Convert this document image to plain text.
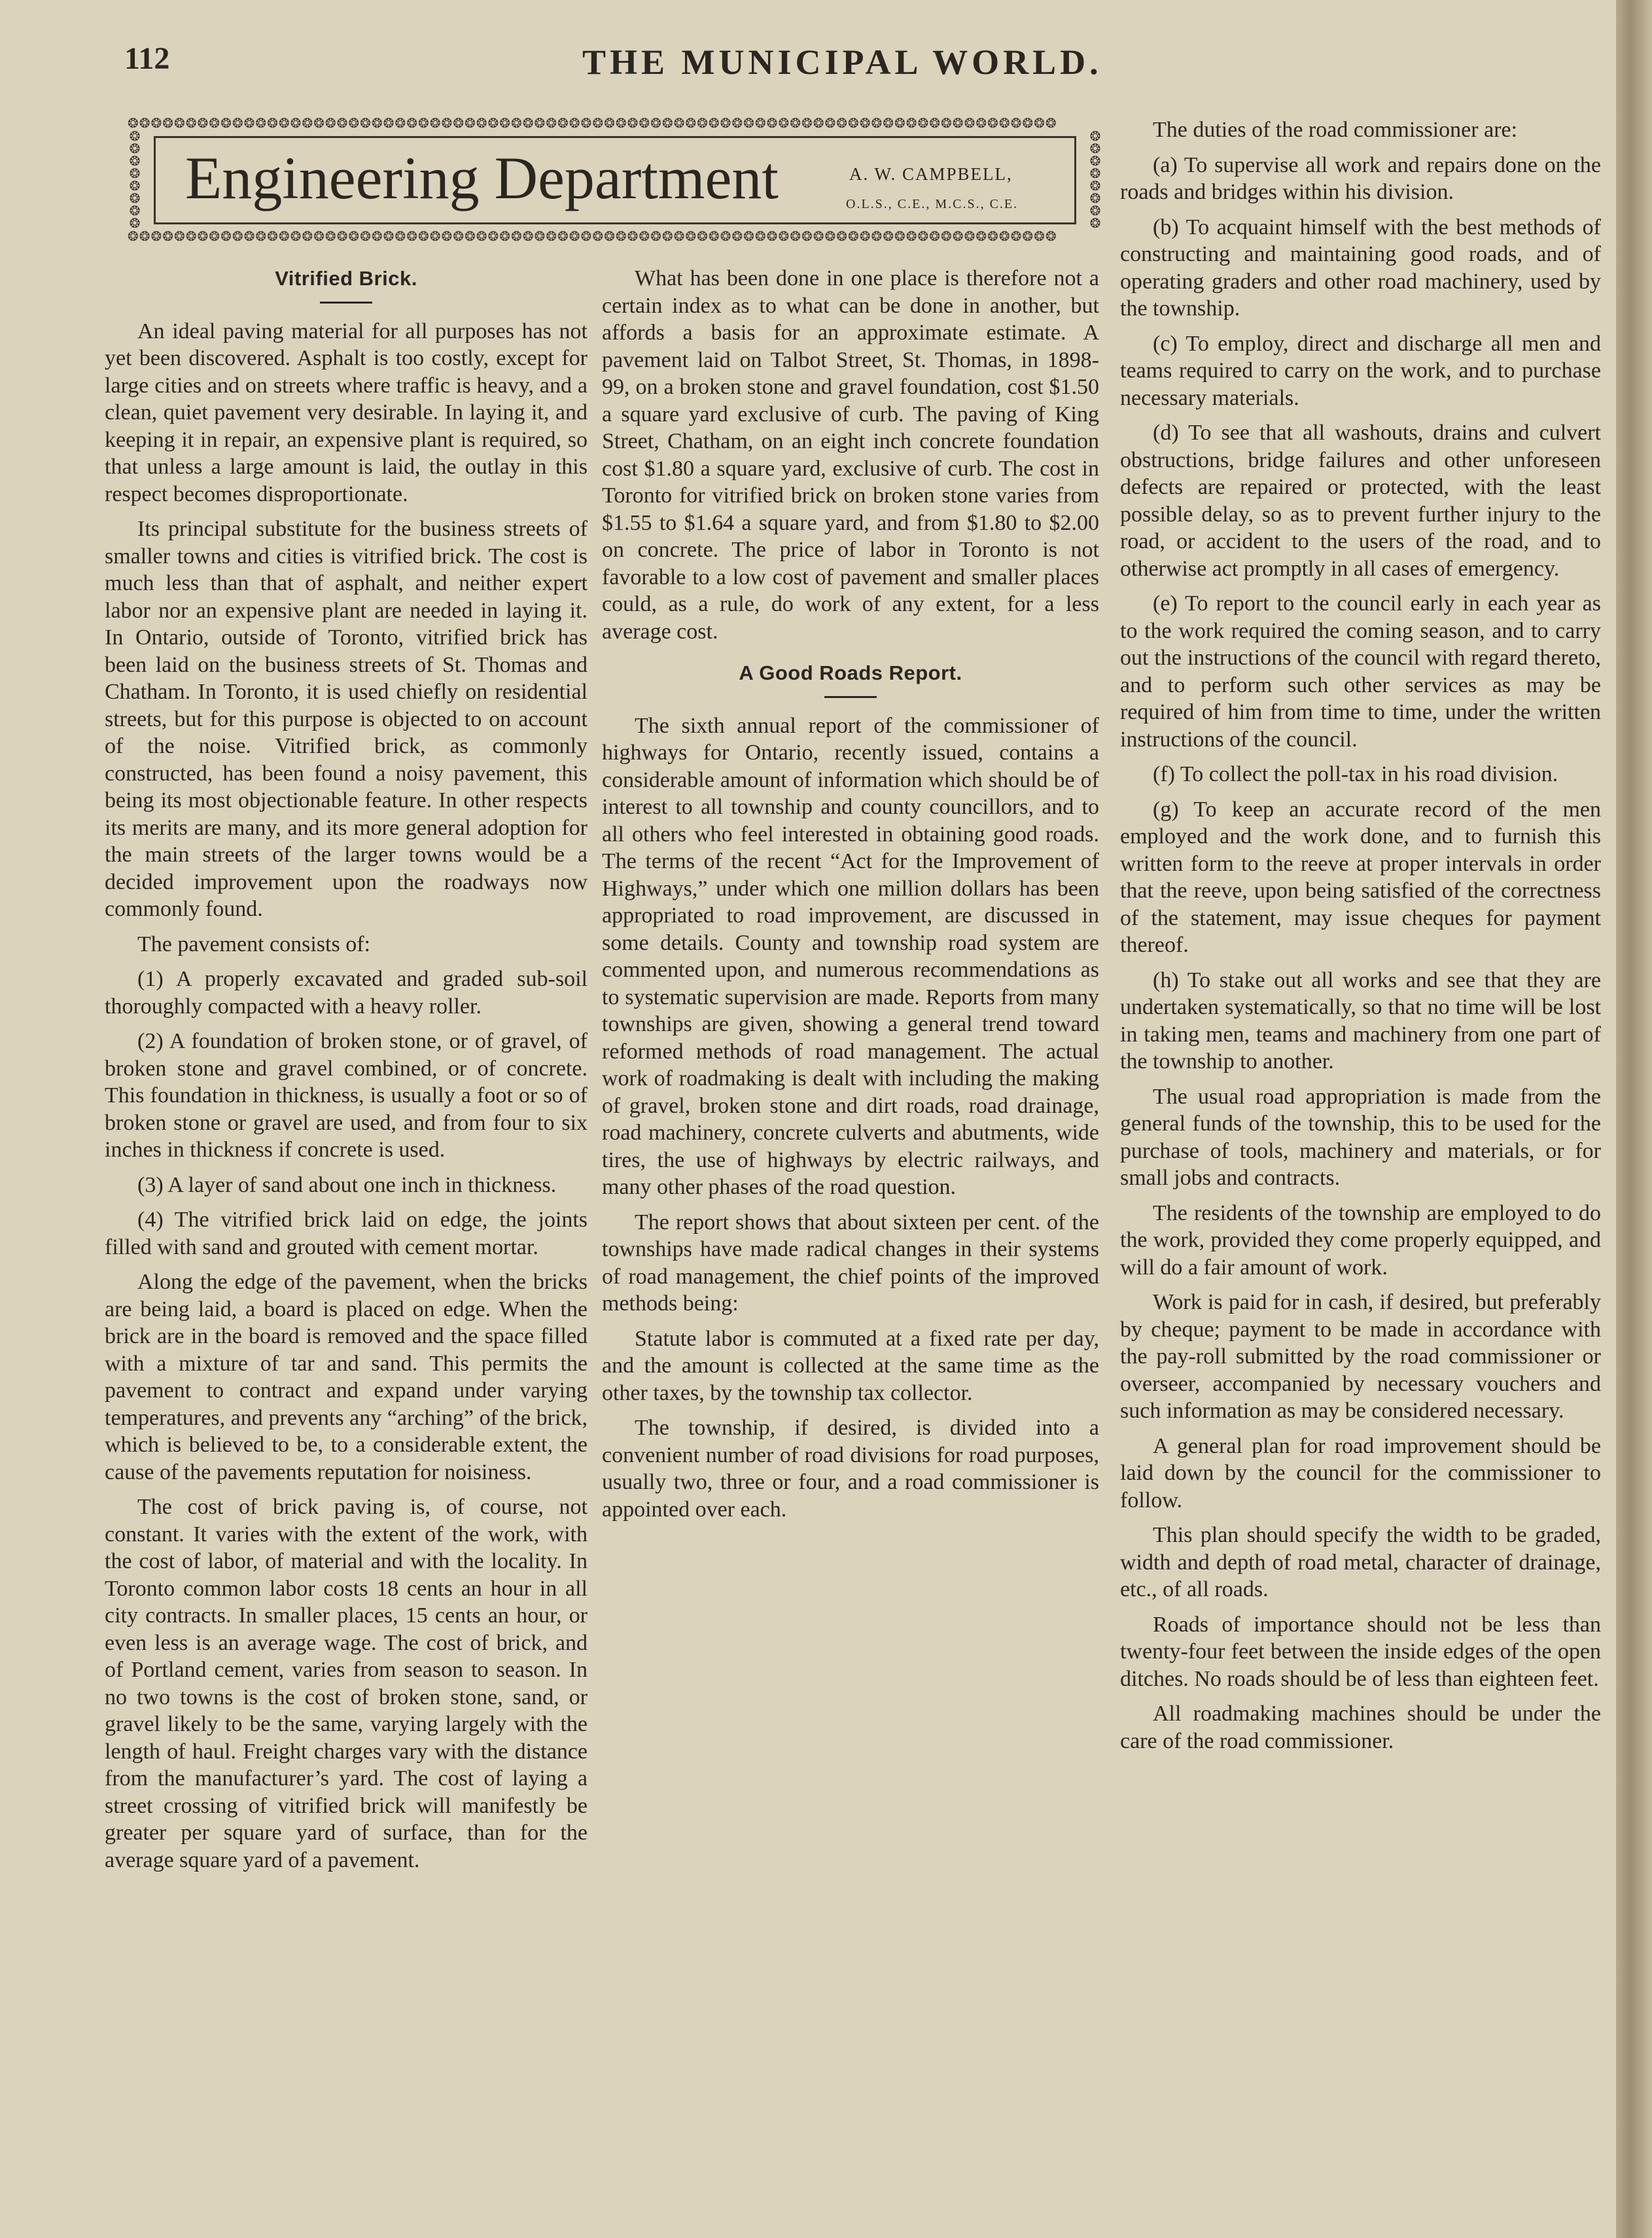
112	THE MUNICIPAL WORLD.
❂❂❂❂❂❂❂❂❂❂❂❂❂❂❂❂❂❂❂❂❂❂❂❂❂❂❂❂❂❂❂❂❂❂❂❂❂❂❂❂❂❂❂❂❂❂❂❂❂❂❂❂❂❂❂❂❂❂❂❂❂❂❂❂❂❂❂❂❂❂❂❂❂❂❂❂❂❂❂❂
❂❂❂❂❂❂❂❂
❂❂❂❂❂❂❂❂
❂❂❂❂❂❂❂❂❂❂❂❂❂❂❂❂❂❂❂❂❂❂❂❂❂❂❂❂❂❂❂❂❂❂❂❂❂❂❂❂❂❂❂❂❂❂❂❂❂❂❂❂❂❂❂❂❂❂❂❂❂❂❂❂❂❂❂❂❂❂❂❂❂❂❂❂❂❂❂❂
Engineering Department	A. W. CAMPBELL,
O.L.S., C.E., M.C.S., C.E.
Vitrified Brick.

An ideal paving material for all purposes has not yet been discovered. Asphalt is too costly, except for large cities and on streets where traffic is heavy, and a clean, quiet pavement very desirable. In laying it, and keeping it in repair, an expensive plant is required, so that unless a large amount is laid, the outlay in this respect becomes disproportionate.

Its principal substitute for the business streets of smaller towns and cities is vitrified brick. The cost is much less than that of asphalt, and neither expert labor nor an expensive plant are needed in laying it. In Ontario, outside of Toronto, vitrified brick has been laid on the business streets of St. Thomas and Chatham. In Toronto, it is used chiefly on residential streets, but for this purpose is objected to on account of the noise. Vitrified brick, as commonly constructed, has been found a noisy pavement, this being its most objectionable feature. In other respects its merits are many, and its more general adoption for the main streets of the larger towns would be a decided improvement upon the roadways now commonly found.

The pavement consists of:

(1) A properly excavated and graded sub-soil thoroughly compacted with a heavy roller.

(2) A foundation of broken stone, or of gravel, of broken stone and gravel combined, or of concrete. This foundation in thickness, is usually a foot or so of broken stone or gravel are used, and from four to six inches in thickness if concrete is used.

(3) A layer of sand about one inch in thickness.

(4) The vitrified brick laid on edge, the joints filled with sand and grouted with cement mortar.

Along the edge of the pavement, when the bricks are being laid, a board is placed on edge. When the brick are in the board is removed and the space filled with a mixture of tar and sand. This permits the pavement to contract and expand under varying temperatures, and prevents any “arching” of the brick, which is believed to be, to a considerable extent, the cause of the pavements reputation for noisiness.

The cost of brick paving is, of course, not constant. It varies with the extent of the work, with the cost of labor, of material and with the locality. In Toronto common labor costs 18 cents an hour in all city contracts. In smaller places, 15 cents an hour, or even less is an average wage. The cost of brick, and of Portland cement, varies from season to season. In no two towns is the cost of broken stone, sand, or gravel likely to be the same, varying largely with the length of haul. Freight charges vary with the distance from the manufacturer’s yard. The cost of laying a street crossing of vitrified brick will manifestly be greater per square yard of surface, than for the average square yard of a pavement.

What has been done in one place is therefore not a certain index as to what can be done in another, but affords a basis for an approximate estimate. A pavement laid on Talbot Street, St. Thomas, in 1898-99, on a broken stone and gravel foundation, cost $1.50 a square yard exclusive of curb. The paving of King Street, Chatham, on an eight inch concrete foundation cost $1.80 a square yard, exclusive of curb. The cost in Toronto for vitrified brick on broken stone varies from $1.55 to $1.64 a square yard, and from $1.80 to $2.00 on concrete. The price of labor in Toronto is not favorable to a low cost of pavement and smaller places could, as a rule, do work of any extent, for a less average cost.

A Good Roads Report.

The sixth annual report of the commissioner of highways for Ontario, recently issued, contains a considerable amount of information which should be of interest to all township and county councillors, and to all others who feel interested in obtaining good roads. The terms of the recent “Act for the Improvement of Highways,” under which one million dollars has been appropriated to road improvement, are discussed in some details. County and township road system are commented upon, and numerous recommendations as to systematic supervision are made. Reports from many townships are given, showing a general trend toward reformed methods of road management. The actual work of roadmaking is dealt with including the making of gravel, broken stone and dirt roads, road drainage, road machinery, concrete culverts and abutments, wide tires, the use of highways by electric railways, and many other phases of the road question.

The report shows that about sixteen per cent. of the townships have made radical changes in their systems of road management, the chief points of the improved methods being:

Statute labor is commuted at a fixed rate per day, and the amount is collected at the same time as the other taxes, by the township tax collector.

The township, if desired, is divided into a convenient number of road divisions for road purposes, usually two, three or four, and a road commissioner is appointed over each.

The duties of the road commissioner are:

(a) To supervise all work and repairs done on the roads and bridges within his division.

(b) To acquaint himself with the best methods of constructing and maintaining good roads, and of operating graders and other road machinery, used by the township.

(c) To employ, direct and discharge all men and teams required to carry on the work, and to purchase necessary materials.

(d) To see that all washouts, drains and culvert obstructions, bridge failures and other unforeseen defects are repaired or protected, with the least possible delay, so as to prevent further injury to the road, or accident to the users of the road, and to otherwise act promptly in all cases of emergency.

(e) To report to the council early in each year as to the work required the coming season, and to carry out the instructions of the council with regard thereto, and to perform such other services as may be required of him from time to time, under the written instructions of the council.

(f) To collect the poll-tax in his road division.

(g) To keep an accurate record of the men employed and the work done, and to furnish this written form to the reeve at proper intervals in order that the reeve, upon being satisfied of the correctness of the statement, may issue cheques for payment thereof.

(h) To stake out all works and see that they are undertaken systematically, so that no time will be lost in taking men, teams and machinery from one part of the township to another.

The usual road appropriation is made from the general funds of the township, this to be used for the purchase of tools, machinery and materials, or for small jobs and contracts.

The residents of the township are employed to do the work, provided they come properly equipped, and will do a fair amount of work.

Work is paid for in cash, if desired, but preferably by cheque; payment to be made in accordance with the pay-roll submitted by the road commissioner or overseer, accompanied by necessary vouchers and such information as may be considered necessary.

A general plan for road improvement should be laid down by the council for the commissioner to follow.

This plan should specify the width to be graded, width and depth of road metal, character of drainage, etc., of all roads.

Roads of importance should not be less than twenty-four feet between the inside edges of the open ditches. No roads should be of less than eighteen feet.

All roadmaking machines should be under the care of the road commissioner.
